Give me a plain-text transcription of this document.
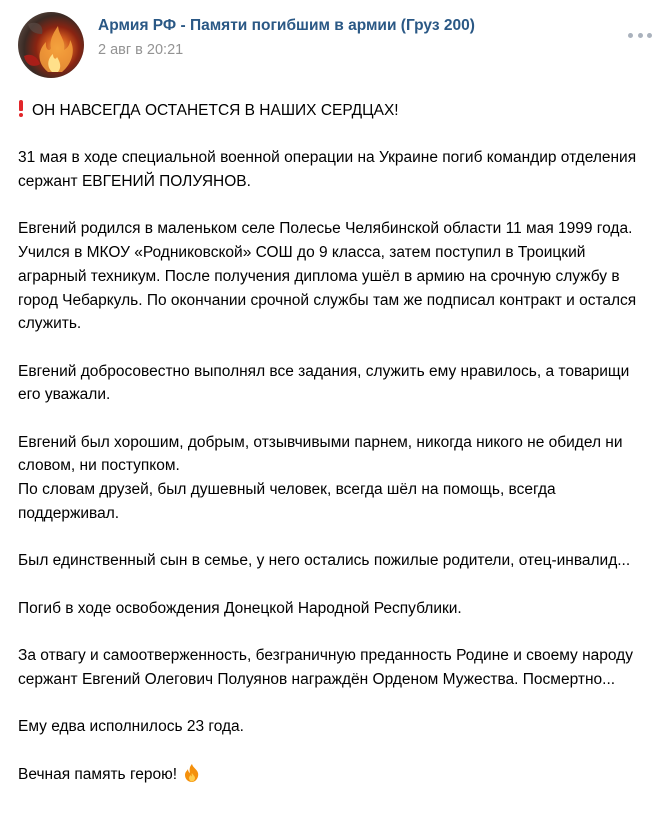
Армия РФ - Памяти погибшим в армии (Груз 200)
2 авг в 20:21

ОН НАВСЕГДА ОСТАНЕТСЯ В НАШИХ СЕРДЦАХ!

31 мая в ходе специальной военной операции на Украине погиб командир отделения сержант ЕВГЕНИЙ ПОЛУЯНОВ.

Евгений родился в маленьком селе Полесье Челябинской области 11 мая 1999 года. Учился в МКОУ «Родниковской» СОШ до 9 класса, затем поступил в Троицкий аграрный техникум. После получения диплома ушёл в армию на срочную службу в город Чебаркуль. По окончании срочной службы там же подписал контракт и остался служить.

Евгений добросовестно выполнял все задания, служить ему нравилось, а товарищи его уважали.

Евгений был хорошим, добрым, отзывчивыми парнем, никогда никого не обидел ни словом, ни поступком.

По словам друзей, был душевный человек, всегда шёл на помощь, всегда поддерживал.

Был единственный сын в семье, у него остались пожилые родители, отец-инвалид...

Погиб в ходе освобождения Донецкой Народной Республики.

За отвагу и самоотверженность, безграничную преданность Родине и своему народу сержант Евгений Олегович Полуянов награждён Орденом Мужества. Посмертно...

Ему едва исполнилось 23 года.

Вечная память герою!
